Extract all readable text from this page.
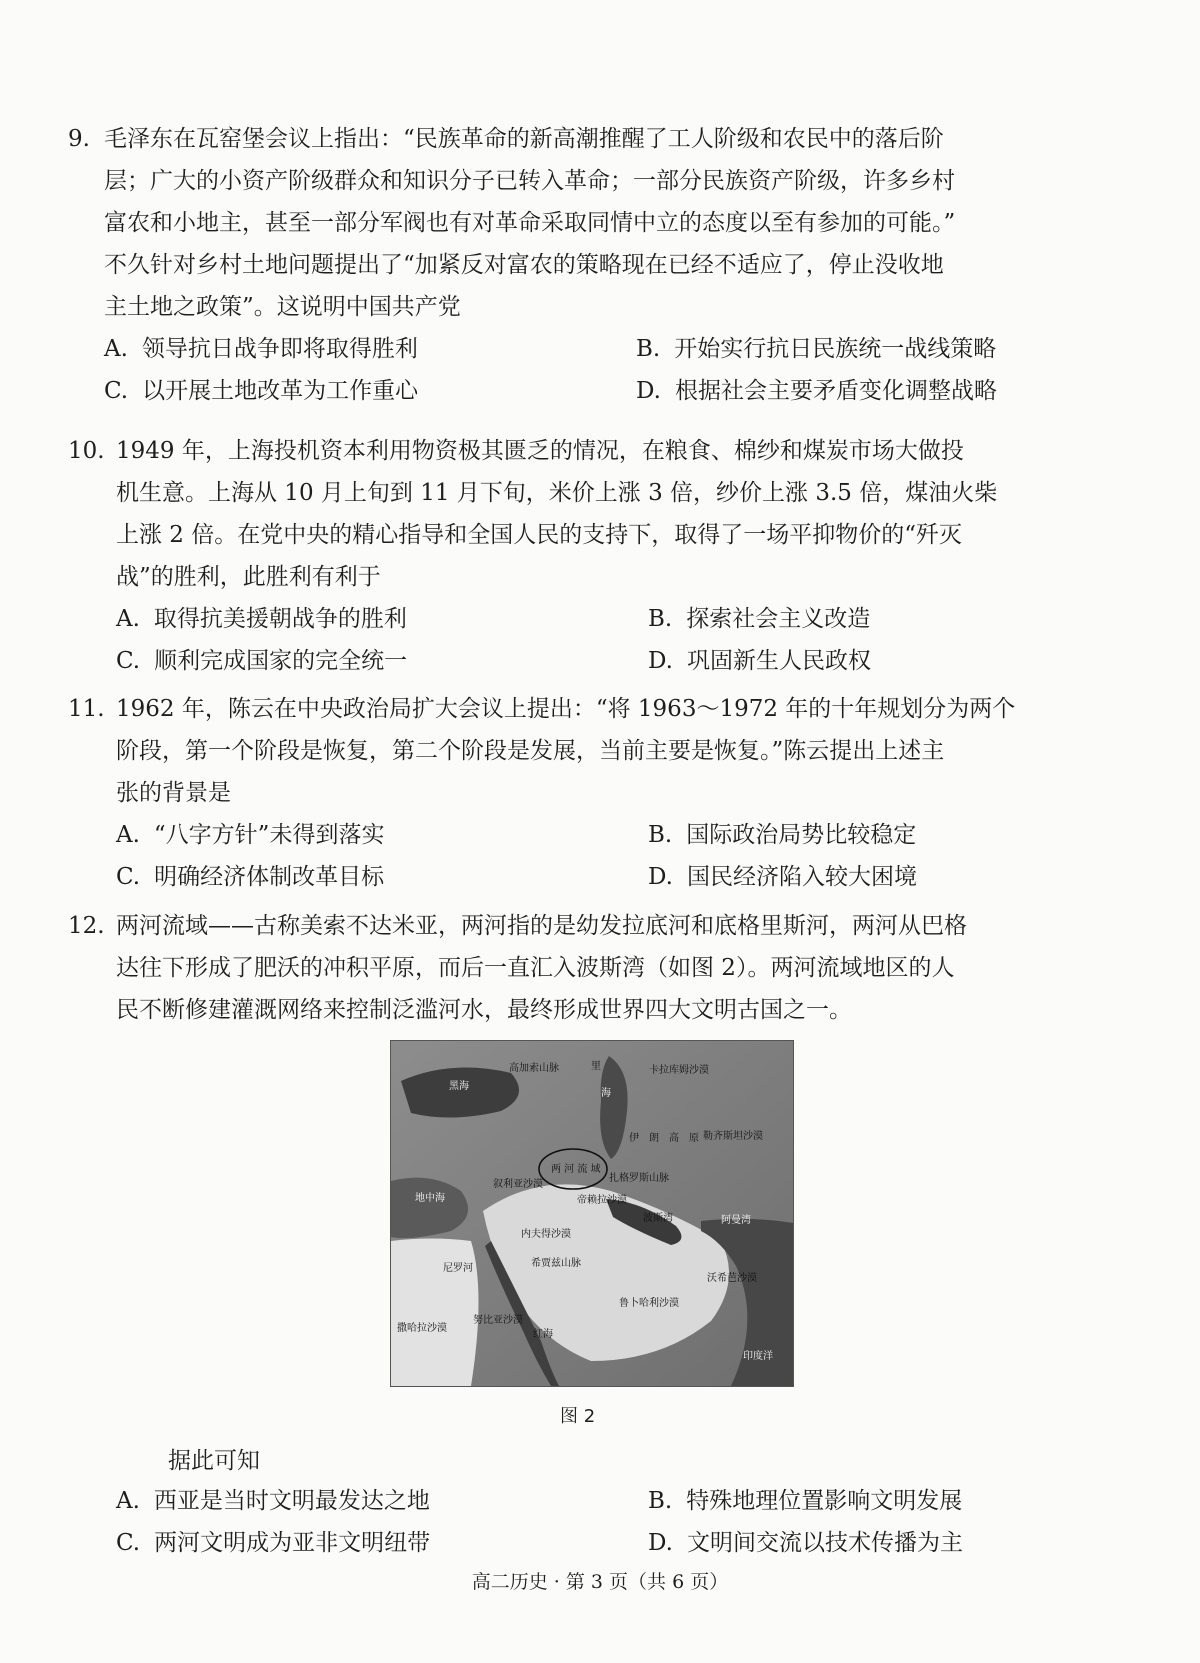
9. 毛泽东在瓦窑堡会议上指出：“民族革命的新高潮推醒了工人阶级和农民中的落后阶

层；广大的小资产阶级群众和知识分子已转入革命；一部分民族资产阶级，许多乡村

富农和小地主，甚至一部分军阀也有对革命采取同情中立的态度以至有参加的可能。”

不久针对乡村土地问题提出了“加紧反对富农的策略现在已经不适应了，停止没收地

主土地之政策”。这说明中国共产党

A. 领导抗日战争即将取得胜利	B. 开始实行抗日民族统一战线策略
C. 以开展土地改革为工作重心	D. 根据社会主要矛盾变化调整战略
10. 1949 年，上海投机资本利用物资极其匮乏的情况，在粮食、棉纱和煤炭市场大做投

机生意。上海从 10 月上旬到 11 月下旬，米价上涨 3 倍，纱价上涨 3.5 倍，煤油火柴

上涨 2 倍。在党中央的精心指导和全国人民的支持下，取得了一场平抑物价的“歼灭

战”的胜利，此胜利有利于

A. 取得抗美援朝战争的胜利	B. 探索社会主义改造
C. 顺利完成国家的完全统一	D. 巩固新生人民政权
11. 1962 年，陈云在中央政治局扩大会议上提出：“将 1963～1972 年的十年规划分为两个

阶段，第一个阶段是恢复，第二个阶段是发展，当前主要是恢复。”陈云提出上述主

张的背景是

A. “八字方针”未得到落实	B. 国际政治局势比较稳定
C. 明确经济体制改革目标	D. 国民经济陷入较大困境
12. 两河流域——古称美索不达米亚，两河指的是幼发拉底河和底格里斯河，两河从巴格

达往下形成了肥沃的冲积平原，而后一直汇入波斯湾（如图 2）。两河流域地区的人

民不断修建灌溉网络来控制泛滥河水，最终形成世界四大文明古国之一。

高加索山脉	里
海
卡拉库姆沙漠
黑海
伊　朗　高　原 勒齐斯坦沙漠
叙利亚沙漠
两 河 流 域
扎格罗斯山脉
地中海	帝赖拉沙漠
波斯湾	阿曼湾
内夫得沙漠
尼罗河	希贾兹山脉
鲁卜哈利沙漠
沃希芭沙漠
撒哈拉沙漠
努比亚沙漠
红海
印度洋
图 2
据此可知
A. 西亚是当时文明最发达之地	B. 特殊地理位置影响文明发展
C. 两河文明成为亚非文明纽带	D. 文明间交流以技术传播为主
高二历史 · 第 3 页（共 6 页）
